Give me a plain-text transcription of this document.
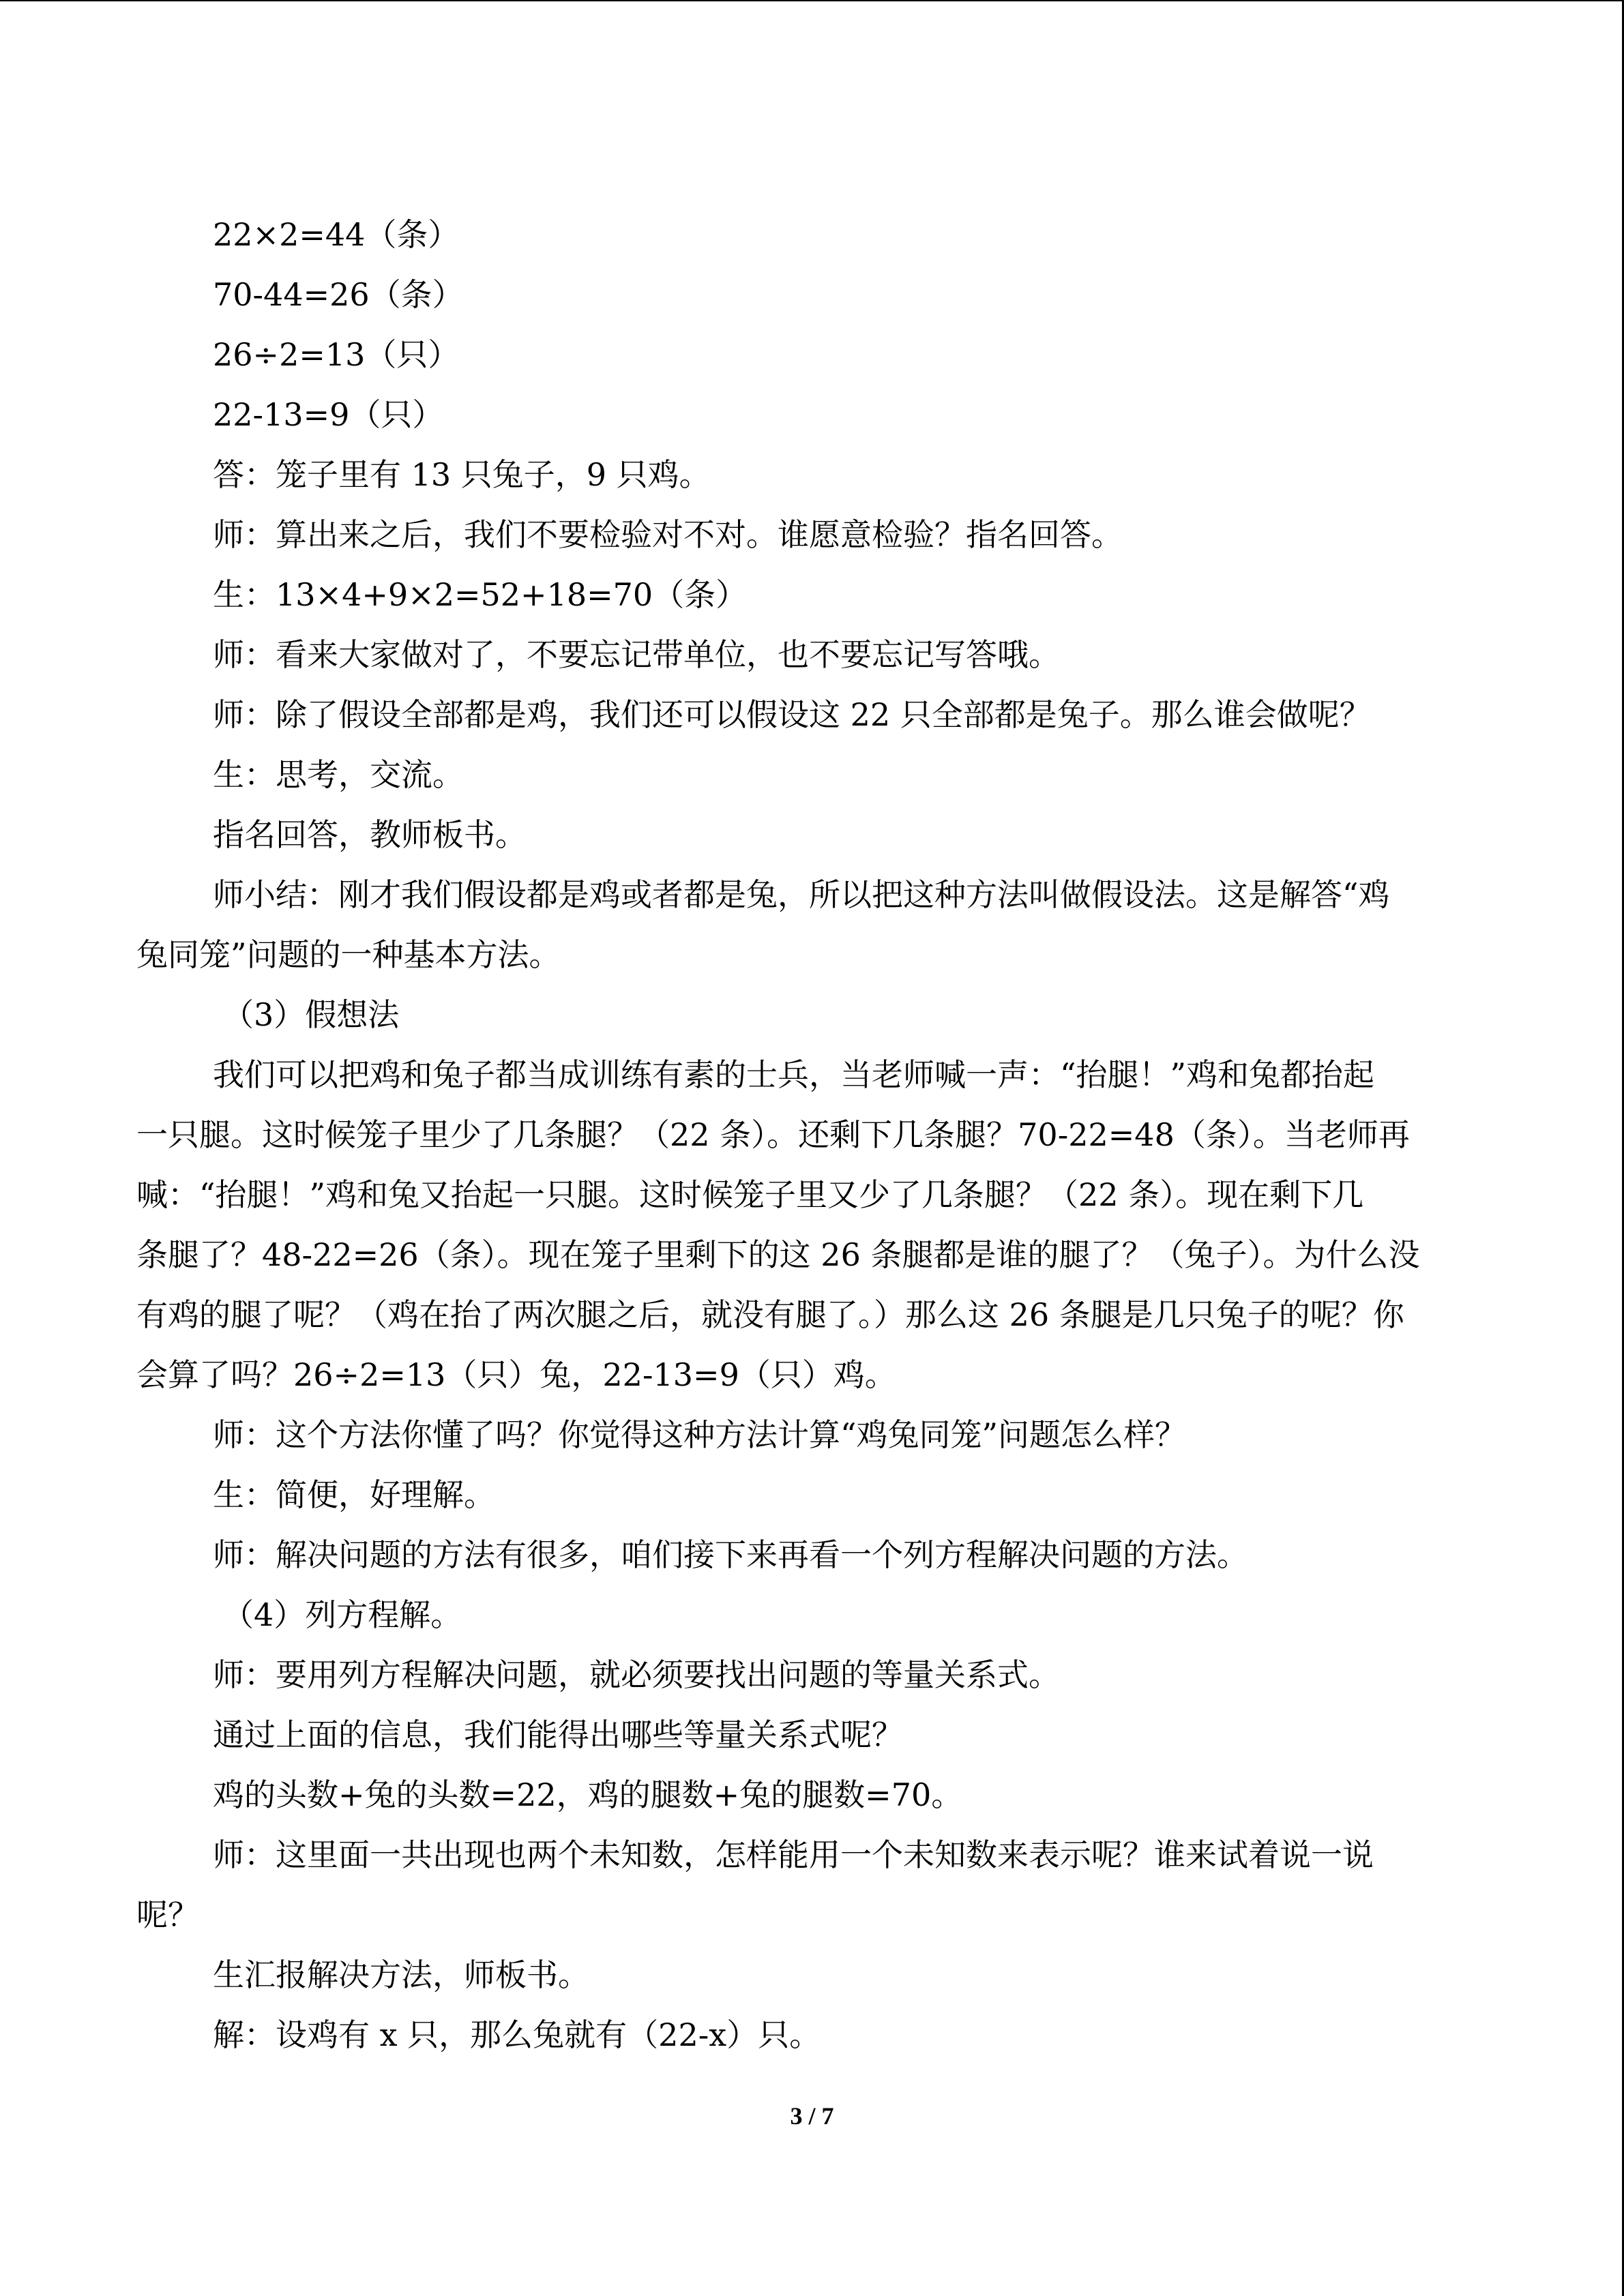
22×2=44（条）

70-44=26（条）

26÷2=13（只）

22-13=9（只）

答：笼子里有 13 只兔子，9 只鸡。

师：算出来之后，我们不要检验对不对。谁愿意检验？指名回答。

生：13×4+9×2=52+18=70（条）

师：看来大家做对了，不要忘记带单位，也不要忘记写答哦。

师：除了假设全部都是鸡，我们还可以假设这 22 只全部都是兔子。那么谁会做呢？

生：思考，交流。

指名回答，教师板书。

师小结：刚才我们假设都是鸡或者都是兔，所以把这种方法叫做假设法。这是解答“鸡

兔同笼”问题的一种基本方法。

（3）假想法

我们可以把鸡和兔子都当成训练有素的士兵，当老师喊一声：“抬腿！”鸡和兔都抬起

一只腿。这时候笼子里少了几条腿？（22 条）。还剩下几条腿？70-22=48（条）。当老师再

喊：“抬腿！”鸡和兔又抬起一只腿。这时候笼子里又少了几条腿？（22 条）。现在剩下几

条腿了？48-22=26（条）。现在笼子里剩下的这 26 条腿都是谁的腿了？（兔子）。为什么没

有鸡的腿了呢？（鸡在抬了两次腿之后，就没有腿了。）那么这 26 条腿是几只兔子的呢？你

会算了吗？26÷2=13（只）兔，22-13=9（只）鸡。

师：这个方法你懂了吗？你觉得这种方法计算“鸡兔同笼”问题怎么样？

生：简便，好理解。

师：解决问题的方法有很多，咱们接下来再看一个列方程解决问题的方法。

（4）列方程解。

师：要用列方程解决问题，就必须要找出问题的等量关系式。

通过上面的信息，我们能得出哪些等量关系式呢？

鸡的头数+兔的头数=22，鸡的腿数+兔的腿数=70。

师：这里面一共出现也两个未知数，怎样能用一个未知数来表示呢？谁来试着说一说

呢？

生汇报解决方法，师板书。

解：设鸡有 x 只，那么兔就有（22-x）只。

3 / 7
